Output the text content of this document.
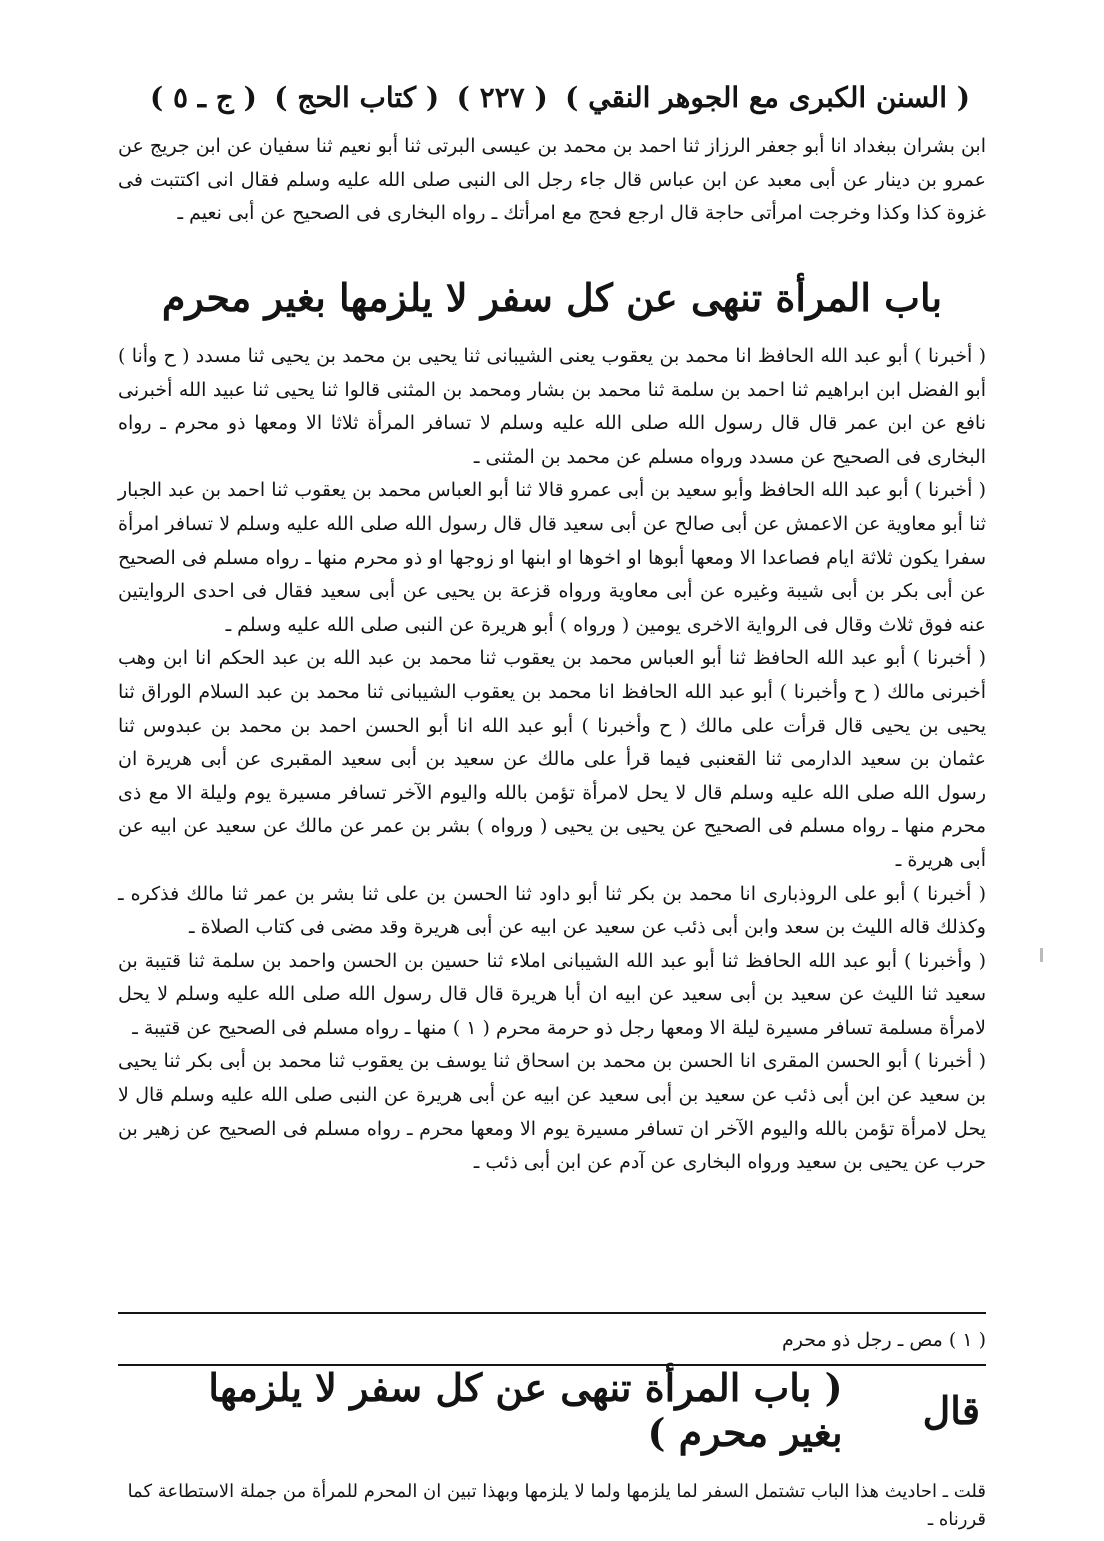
( السنن الكبرى مع الجوهر النقي )
( ٢٢٧ )
( كتاب الحج )
( ج ـ ٥ )

ابن بشران ببغداد انا أبو جعفر الرزاز ثنا احمد بن محمد بن عيسى البرتى ثنا أبو نعيم ثنا سفيان عن ابن جريج عن عمرو بن دينار عن أبى معبد عن ابن عباس قال جاء رجل الى النبى صلى الله عليه وسلم فقال انى اكتتبت فى غزوة كذا وكذا وخرجت امرأتى حاجة قال ارجع فحج مع امرأتك ـ رواه البخارى فى الصحيح عن أبى نعيم ـ

باب المرأة تنهى عن كل سفر لا يلزمها بغير محرم

( أخبرنا ) أبو عبد الله الحافظ انا محمد بن يعقوب يعنى الشيبانى ثنا يحيى بن محمد بن يحيى ثنا مسدد ( ح وأنا ) أبو الفضل ابن ابراهيم ثنا احمد بن سلمة ثنا محمد بن بشار ومحمد بن المثنى قالوا ثنا يحيى ثنا عبيد الله أخبرنى نافع عن ابن عمر قال قال رسول الله صلى الله عليه وسلم لا تسافر المرأة ثلاثا الا ومعها ذو محرم ـ رواه البخارى فى الصحيح عن مسدد ورواه مسلم عن محمد بن المثنى ـ

( أخبرنا ) أبو عبد الله الحافظ وأبو سعيد بن أبى عمرو قالا ثنا أبو العباس محمد بن يعقوب ثنا احمد بن عبد الجبار ثنا أبو معاوية عن الاعمش عن أبى صالح عن أبى سعيد قال قال رسول الله صلى الله عليه وسلم لا تسافر امرأة سفرا يكون ثلاثة ايام فصاعدا الا ومعها أبوها او اخوها او ابنها او زوجها او ذو محرم منها ـ رواه مسلم فى الصحيح عن أبى بكر بن أبى شيبة وغيره عن أبى معاوية ورواه قزعة بن يحيى عن أبى سعيد فقال فى احدى الروايتين عنه فوق ثلاث وقال فى الرواية الاخرى يومين ( ورواه ) أبو هريرة عن النبى صلى الله عليه وسلم ـ

( أخبرنا ) أبو عبد الله الحافظ ثنا أبو العباس محمد بن يعقوب ثنا محمد بن عبد الله بن عبد الحكم انا ابن وهب أخبرنى مالك ( ح وأخبرنا ) أبو عبد الله الحافظ انا محمد بن يعقوب الشيبانى ثنا محمد بن عبد السلام الوراق ثنا يحيى بن يحيى قال قرأت على مالك ( ح وأخبرنا ) أبو عبد الله انا أبو الحسن احمد بن محمد بن عبدوس ثنا عثمان بن سعيد الدارمى ثنا القعنبى فيما قرأ على مالك عن سعيد بن أبى سعيد المقبرى عن أبى هريرة ان رسول الله صلى الله عليه وسلم قال لا يحل لامرأة تؤمن بالله واليوم الآخر تسافر مسيرة يوم وليلة الا مع ذى محرم منها ـ رواه مسلم فى الصحيح عن يحيى بن يحيى ( ورواه ) بشر بن عمر عن مالك عن سعيد عن ابيه عن أبى هريرة ـ

( أخبرنا ) أبو على الروذبارى انا محمد بن بكر ثنا أبو داود ثنا الحسن بن على ثنا بشر بن عمر ثنا مالك فذكره ـ وكذلك قاله الليث بن سعد وابن أبى ذئب عن سعيد عن ابيه عن أبى هريرة وقد مضى فى كتاب الصلاة ـ

( وأخبرنا ) أبو عبد الله الحافظ ثنا أبو عبد الله الشيبانى املاء ثنا حسين بن الحسن واحمد بن سلمة ثنا قتيبة بن سعيد ثنا الليث عن سعيد بن أبى سعيد عن ابيه ان أبا هريرة قال قال رسول الله صلى الله عليه وسلم لا يحل لامرأة مسلمة تسافر مسيرة ليلة الا ومعها رجل ذو حرمة محرم ( ١ ) منها ـ رواه مسلم فى الصحيح عن قتيبة ـ

( أخبرنا ) أبو الحسن المقرى انا الحسن بن محمد بن اسحاق ثنا يوسف بن يعقوب ثنا محمد بن أبى بكر ثنا يحيى بن سعيد عن ابن أبى ذئب عن سعيد بن أبى سعيد عن ابيه عن أبى هريرة عن النبى صلى الله عليه وسلم قال لا يحل لامرأة تؤمن بالله واليوم الآخر ان تسافر مسيرة يوم الا ومعها محرم ـ رواه مسلم فى الصحيح عن زهير بن حرب عن يحيى بن سعيد ورواه البخارى عن آدم عن ابن أبى ذئب ـ

( ١ ) مص ـ رجل ذو محرم
قال
( باب المرأة تنهى عن كل سفر لا يلزمها بغير محرم )
قلت ـ احاديث هذا الباب تشتمل السفر لما يلزمها ولما لا يلزمها وبهذا تبين ان المحرم للمرأة من جملة الاستطاعة كما قررناه ـ
